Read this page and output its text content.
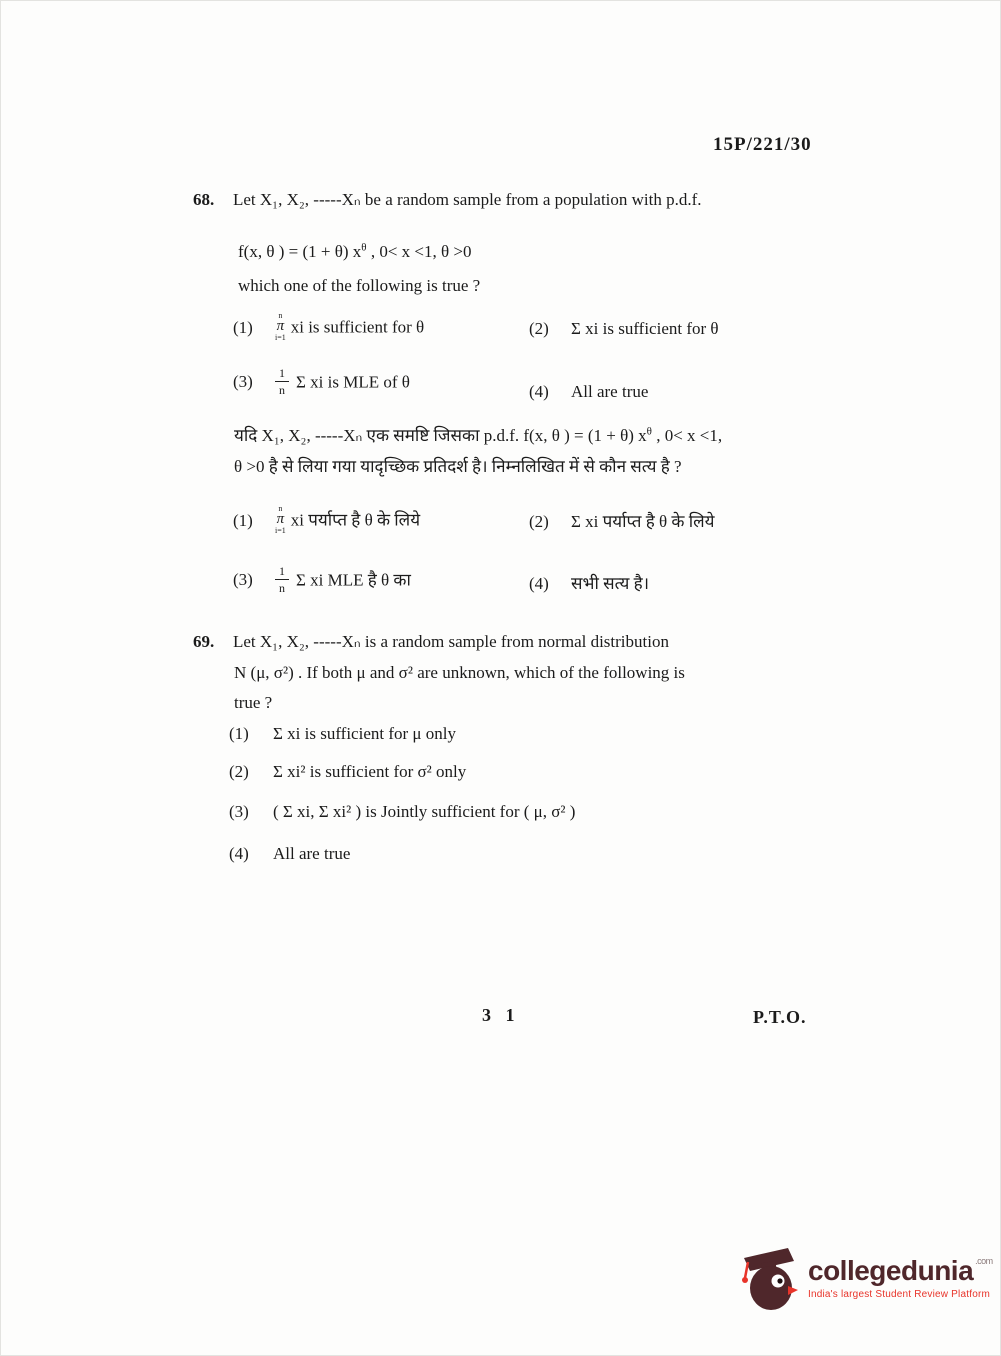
15P/221/30
68. Let X₁, X₂, -----Xₙ be a random sample from a population with p.d.f.
f(x, θ ) = (1 + θ) $x^\theta$ , 0< x <1, θ >0
which one of the following is true ?
(1)
n
π
i=1
xi is sufficient for θ	(2) Σ xi is sufficient for θ
$(3) \frac{1}{n}$ Σ xi is MLE of θ
(4) All are true
यदि X₁, X₂, -----Xₙ एक समष्टि जिसका p.d.f. f(x, θ ) = (1 + θ) $x^\theta$ , 0< x <1,
θ >0 है से लिया गया यादृच्छिक प्रतिदर्श है। निम्नलिखित में से कौन सत्य है ?
(1)
n
π
i=1
xi पर्याप्त है θ के लिये	(2) Σ xi पर्याप्त है θ के लिये
$(3) \frac{1}{n}$ Σ xi MLE है θ का	(4) सभी सत्य है।
69. Let X₁, X₂, -----Xₙ is a random sample from normal distribution
N (μ, σ²) . If both μ and σ² are unknown, which of the following is
true ?
(1) Σ xi is sufficient for μ only
(2) Σ xi² is sufficient for σ² only
(3) ( Σ xi, Σ xi² ) is Jointly sufficient for ( μ, σ² )
(4) All are true
3 1	P.T.O.
collegedunia $^{.com}$
India's largest Student Review Platform
